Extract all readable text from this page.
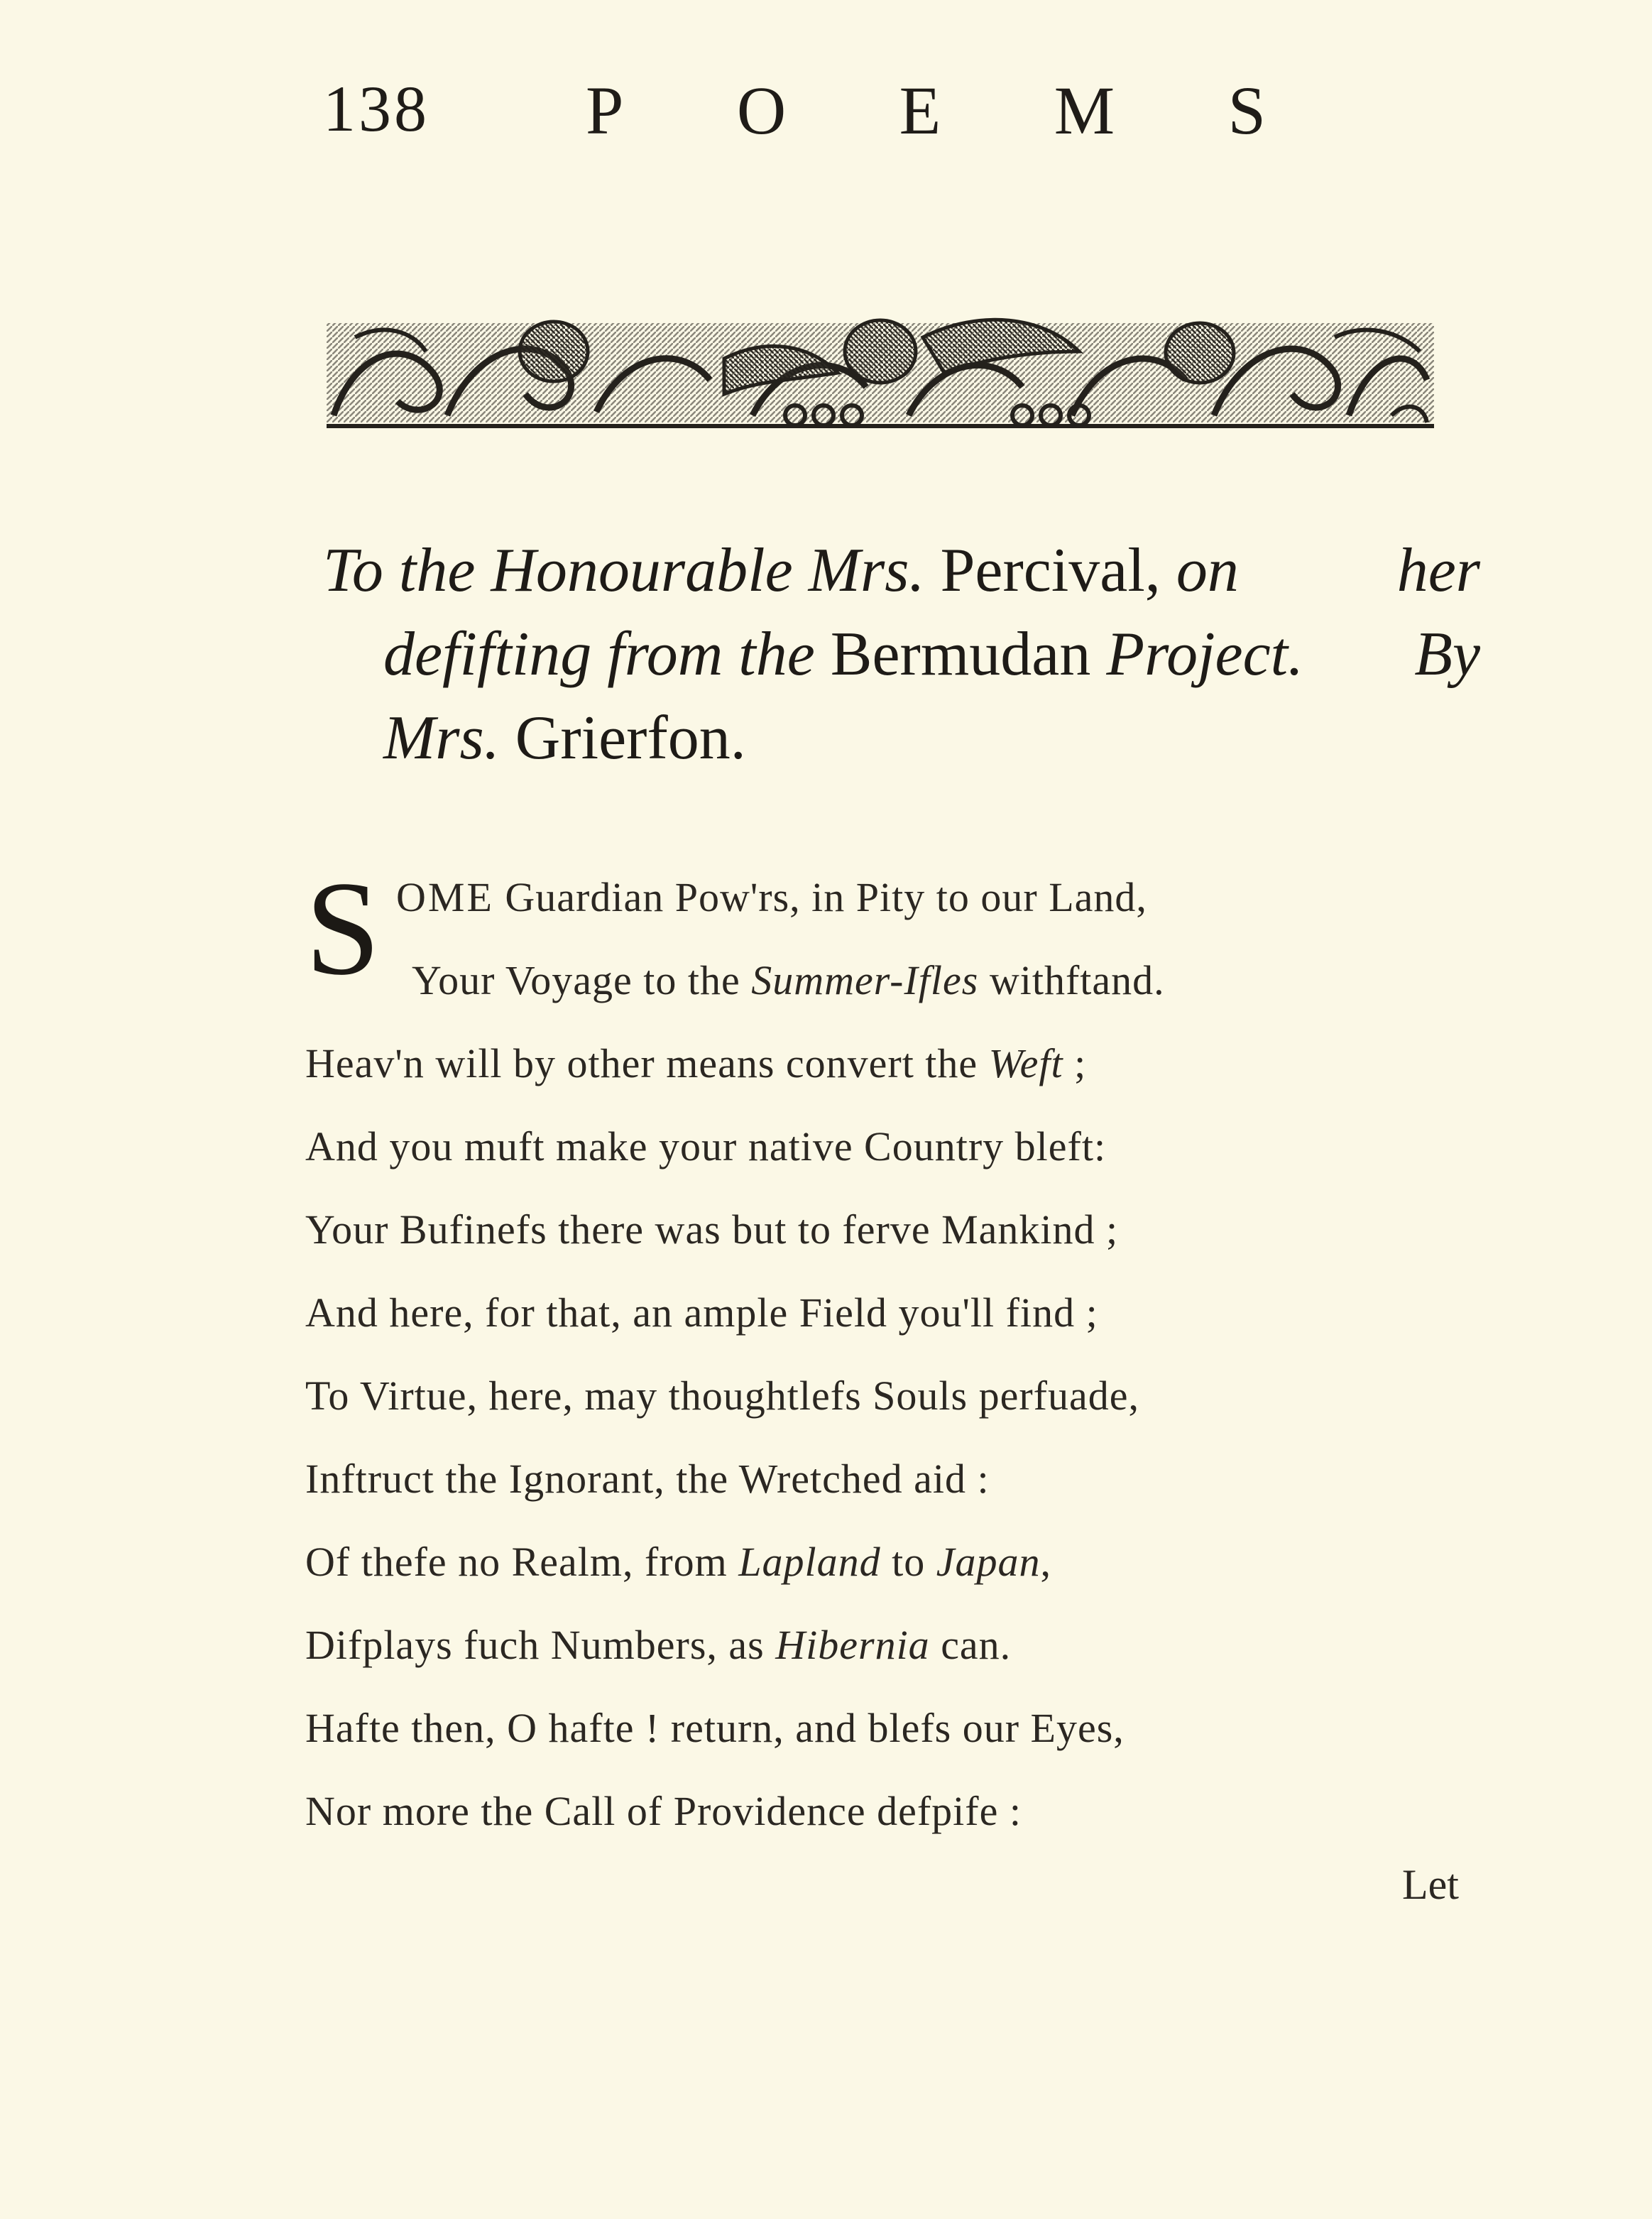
138 P O E M S
To the Honourable Mrs. Percival, on	her
defifting from the Bermudan Project. By
Mrs. Grierfon.
S OME Guardian Pow'rs, in Pity to our Land,
Your Voyage to the Summer-Ifles withftand.
Heav'n will by other means convert the Weft ;
And you muft make your native Country bleft:
Your Bufinefs there was but to ferve Mankind ;
And here, for that, an ample Field you'll find ;
To Virtue, here, may thoughtlefs Souls perfuade,
Inftruct the Ignorant, the Wretched aid :
Of thefe no Realm, from Lapland to Japan,
Difplays fuch Numbers, as Hibernia can.
Hafte then, O hafte ! return, and blefs our Eyes,
Nor more the Call of Providence defpife :
Let
